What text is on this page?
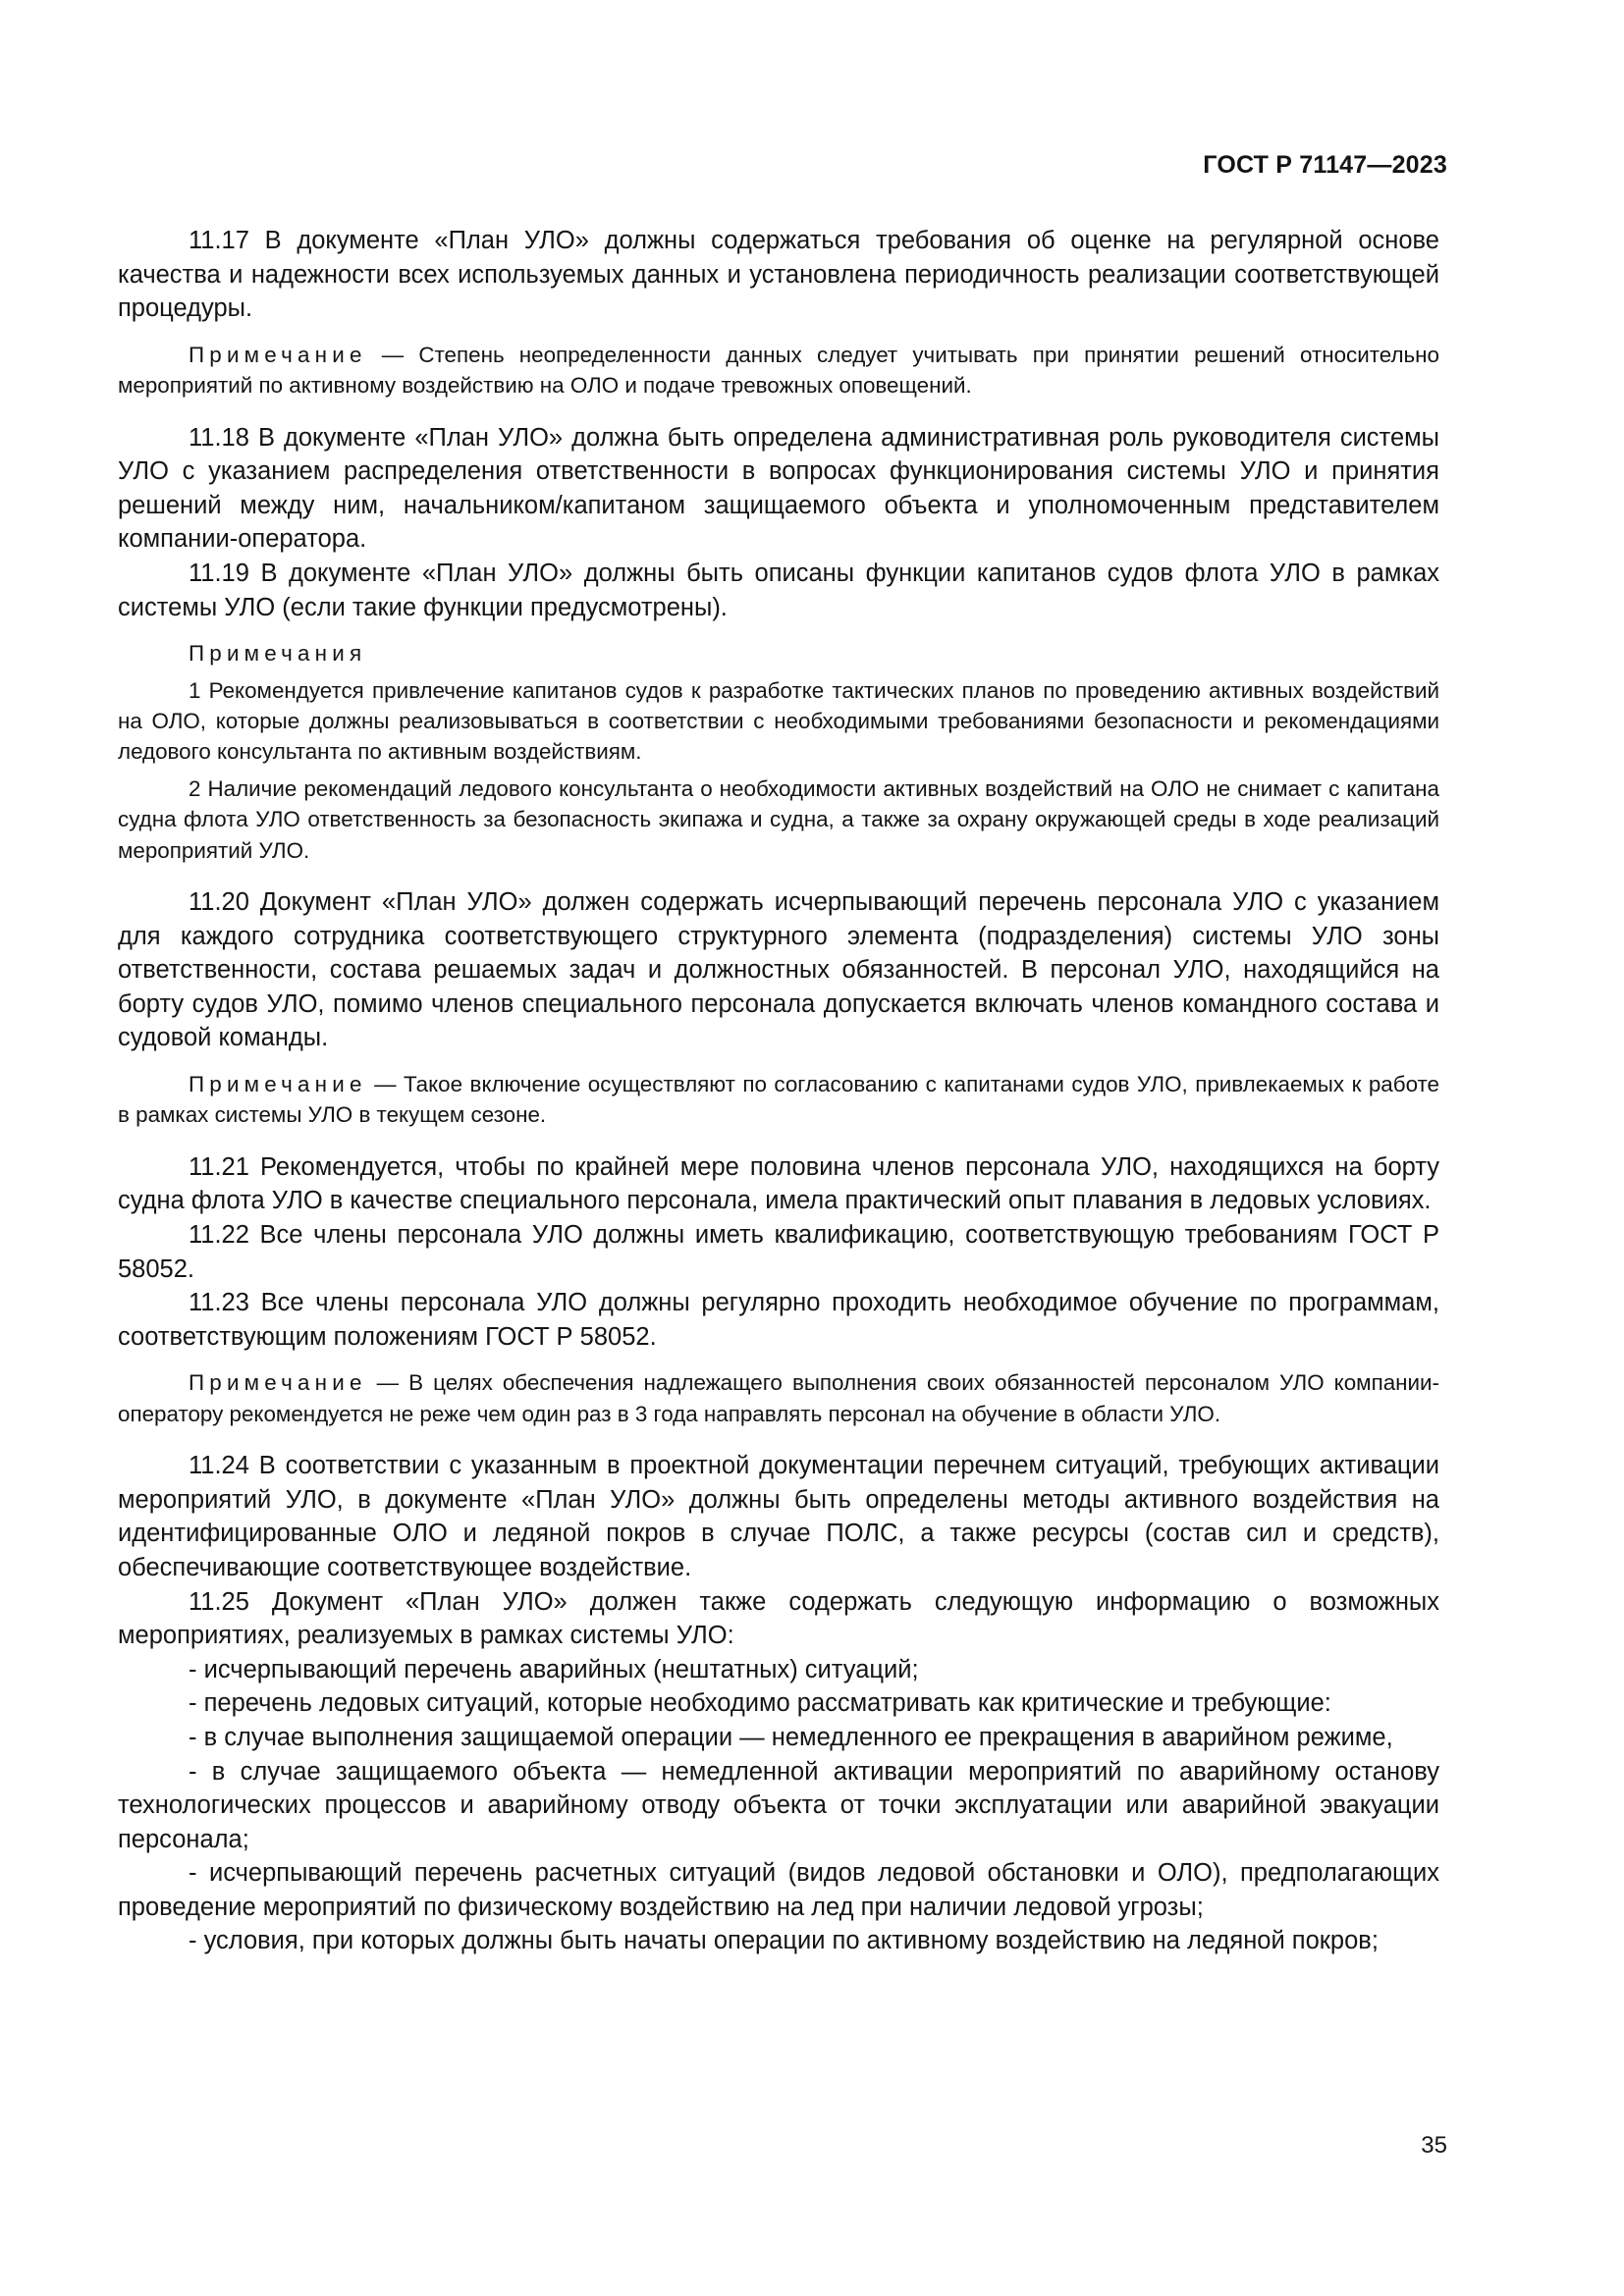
ГОСТ Р 71147—2023

11.17 В документе «План УЛО» должны содержаться требования об оценке на регулярной основе качества и надежности всех используемых данных и установлена периодичность реализации соответствующей процедуры.

Примечание — Степень неопределенности данных следует учитывать при принятии решений относительно мероприятий по активному воздействию на ОЛО и подаче тревожных оповещений.

11.18 В документе «План УЛО» должна быть определена административная роль руководителя системы УЛО с указанием распределения ответственности в вопросах функционирования системы УЛО и принятия решений между ним, начальником/капитаном защищаемого объекта и уполномоченным представителем компании-оператора.

11.19 В документе «План УЛО» должны быть описаны функции капитанов судов флота УЛО в рамках системы УЛО (если такие функции предусмотрены).

Примечания

1 Рекомендуется привлечение капитанов судов к разработке тактических планов по проведению активных воздействий на ОЛО, которые должны реализовываться в соответствии с необходимыми требованиями безопасности и рекомендациями ледового консультанта по активным воздействиям.

2 Наличие рекомендаций ледового консультанта о необходимости активных воздействий на ОЛО не снимает с капитана судна флота УЛО ответственность за безопасность экипажа и судна, а также за охрану окружающей среды в ходе реализаций мероприятий УЛО.

11.20 Документ «План УЛО» должен содержать исчерпывающий перечень персонала УЛО с указанием для каждого сотрудника соответствующего структурного элемента (подразделения) системы УЛО зоны ответственности, состава решаемых задач и должностных обязанностей. В персонал УЛО, находящийся на борту судов УЛО, помимо членов специального персонала допускается включать членов командного состава и судовой команды.

Примечание — Такое включение осуществляют по согласованию с капитанами судов УЛО, привлекаемых к работе в рамках системы УЛО в текущем сезоне.

11.21 Рекомендуется, чтобы по крайней мере половина членов персонала УЛО, находящихся на борту судна флота УЛО в качестве специального персонала, имела практический опыт плавания в ледовых условиях.

11.22 Все члены персонала УЛО должны иметь квалификацию, соответствующую требованиям ГОСТ Р 58052.

11.23 Все члены персонала УЛО должны регулярно проходить необходимое обучение по программам, соответствующим положениям ГОСТ Р 58052.

Примечание — В целях обеспечения надлежащего выполнения своих обязанностей персоналом УЛО компании-оператору рекомендуется не реже чем один раз в 3 года направлять персонал на обучение в области УЛО.

11.24 В соответствии с указанным в проектной документации перечнем ситуаций, требующих активации мероприятий УЛО, в документе «План УЛО» должны быть определены методы активного воздействия на идентифицированные ОЛО и ледяной покров в случае ПОЛС, а также ресурсы (состав сил и средств), обеспечивающие соответствующее воздействие.

11.25 Документ «План УЛО» должен также содержать следующую информацию о возможных мероприятиях, реализуемых в рамках системы УЛО:

- исчерпывающий перечень аварийных (нештатных) ситуаций;

- перечень ледовых ситуаций, которые необходимо рассматривать как критические и требующие:

- в случае выполнения защищаемой операции — немедленного ее прекращения в аварийном режиме,

- в случае защищаемого объекта — немедленной активации мероприятий по аварийному останову технологических процессов и аварийному отводу объекта от точки эксплуатации или аварийной эвакуации персонала;

- исчерпывающий перечень расчетных ситуаций (видов ледовой обстановки и ОЛО), предполагающих проведение мероприятий по физическому воздействию на лед при наличии ледовой угрозы;

- условия, при которых должны быть начаты операции по активному воздействию на ледяной покров;

35
